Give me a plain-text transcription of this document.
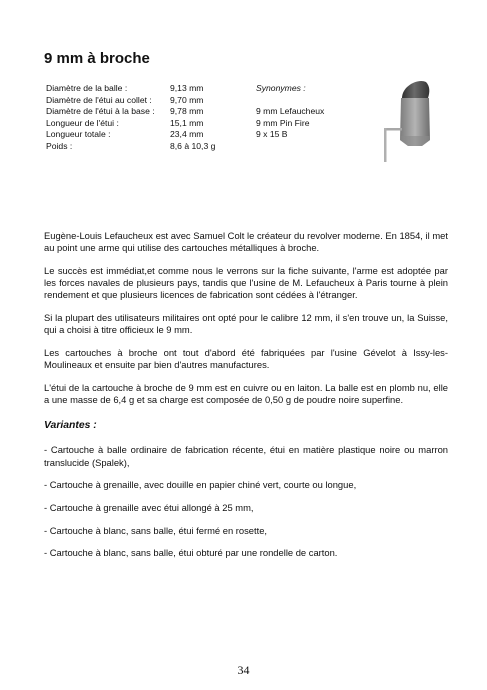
9 mm à broche
Diamètre de la balle :	9,13 mm	Synonymes :
Diamètre de l'étui au collet :	9,70 mm
Diamètre de l'étui à la base :	9,78 mm	9 mm Lefaucheux
Longueur de l'étui :	15,1 mm	9 mm Pin Fire
Longueur totale :	23,4 mm	9 x 15 B
Poids :	8,6 à 10,3 g

Eugène-Louis Lefaucheux est avec Samuel Colt le créateur du revolver moderne. En 1854, il met au point une arme qui utilise des cartouches métalliques à broche.

Le succès est immédiat,et comme nous le verrons sur la fiche suivante, l'arme est adoptée par les forces navales de plusieurs pays, tandis que l'usine de M. Lefaucheux à Paris tourne à plein rendement et que plusieurs licences de fabrication sont cédées à l'étranger.

Si la plupart des utilisateurs militaires ont opté pour le calibre 12 mm, il s'en trouve un, la Suisse, qui a choisi à titre officieux le 9 mm.

Les cartouches à broche ont tout d'abord été fabriquées par l'usine Gévelot à Issy-les-Moulineaux et ensuite par bien d'autres manufactures.

L'étui de la cartouche à broche de 9 mm est en cuivre ou en laiton. La balle est en plomb nu, elle a une masse de 6,4 g et sa charge est composée de 0,50 g de poudre noire superfine.

Variantes :

- Cartouche à balle ordinaire de fabrication récente, étui en matière plastique noire ou marron translucide (Spalek),

- Cartouche à grenaille, avec douille en papier chiné vert, courte ou longue,

- Cartouche à grenaille avec étui allongé à 25 mm,

- Cartouche à blanc, sans balle, étui fermé en rosette,

- Cartouche à blanc, sans balle, étui obturé par une rondelle de carton.

34
